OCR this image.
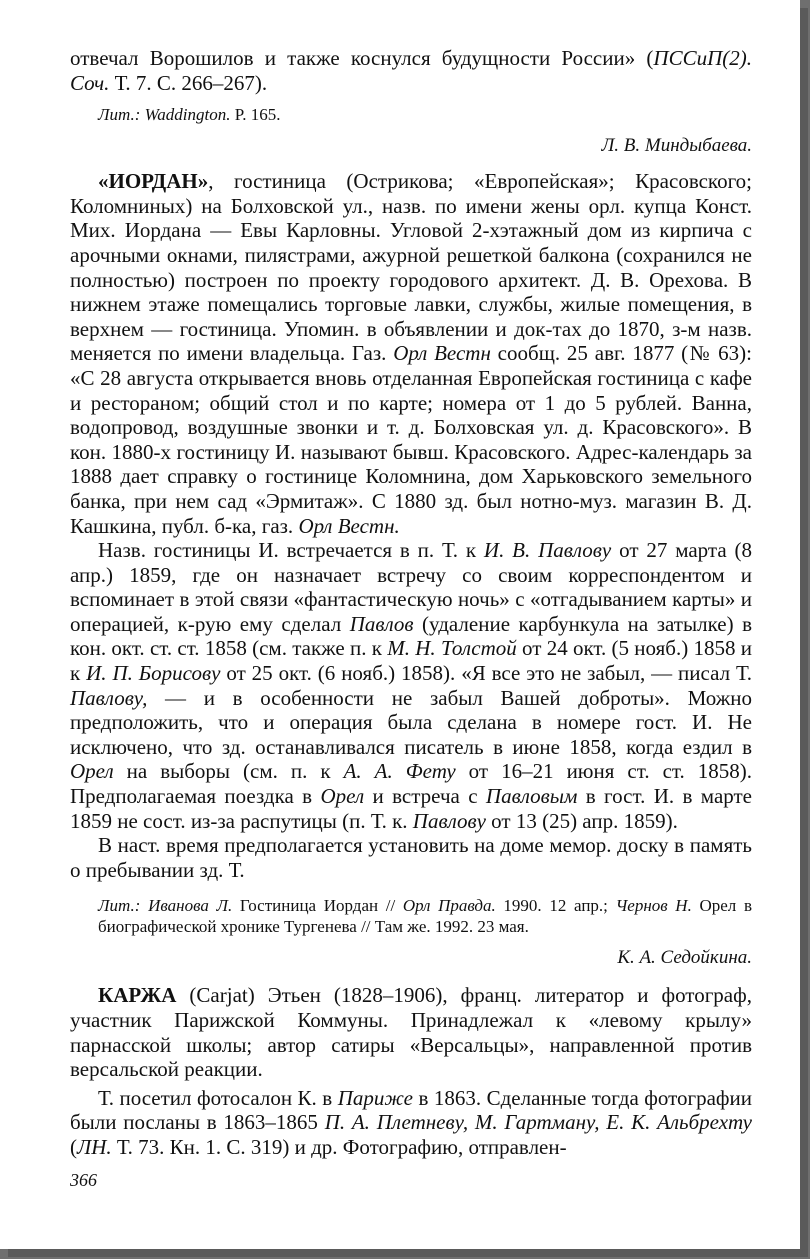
отвечал Ворошилов и также коснулся будущности России» (ПССиП(2). Соч. Т. 7. С. 266–267).

Лит.: Waddington. P. 165.

Л. В. Миндыбаева.

«ИОРДАН», гостиница (Острикова; «Европейская»; Красовского; Коломниных) на Болховской ул., назв. по имени жены орл. купца Конст. Мих. Иордана — Евы Карловны. Угловой 2-хэтажный дом из кирпича с арочными окнами, пилястрами, ажурной решеткой балкона (сохранился не полностью) построен по проекту городового архитект. Д. В. Орехова. В нижнем этаже помещались торговые лавки, службы, жилые помещения, в верхнем — гостиница. Упомин. в объявлении и док-тах до 1870, з-м назв. меняется по имени владельца. Газ. Орл Вестн сообщ. 25 авг. 1877 (№ 63): «С 28 августа открывается вновь отделанная Европейская гостиница с кафе и рестораном; общий стол и по карте; номера от 1 до 5 рублей. Ванна, водопровод, воздушные звонки и т. д. Болховская ул. д. Красовского». В кон. 1880-х гостиницу И. называют бывш. Красовского. Адрес-календарь за 1888 дает справку о гостинице Коломнина, дом Харьковского земельного банка, при нем сад «Эрмитаж». С 1880 зд. был нотно-муз. магазин В. Д. Кашкина, публ. б-ка, газ. Орл Вестн.

Назв. гостиницы И. встречается в п. Т. к И. В. Павлову от 27 марта (8 апр.) 1859, где он назначает встречу со своим корреспондентом и вспоминает в этой связи «фантастическую ночь» с «отгадыванием карты» и операцией, к-рую ему сделал Павлов (удаление карбункула на затылке) в кон. окт. ст. ст. 1858 (см. также п. к М. Н. Толстой от 24 окт. (5 нояб.) 1858 и к И. П. Борисову от 25 окт. (6 нояб.) 1858). «Я все это не забыл, — писал Т. Павлову, — и в особенности не забыл Вашей доброты». Можно предположить, что и операция была сделана в номере гост. И. Не исключено, что зд. останавливался писатель в июне 1858, когда ездил в Орел на выборы (см. п. к А. А. Фету от 16–21 июня ст. ст. 1858). Предполагаемая поездка в Орел и встреча с Павловым в гост. И. в марте 1859 не сост. из-за распутицы (п. Т. к. Павлову от 13 (25) апр. 1859).

В наст. время предполагается установить на доме мемор. доску в память о пребывании зд. Т.

Лит.: Иванова Л. Гостиница Иордан // Орл Правда. 1990. 12 апр.; Чернов Н. Орел в биографической хронике Тургенева // Там же. 1992. 23 мая.

К. А. Седойкина.

КАРЖА (Carjat) Этьен (1828–1906), франц. литератор и фотограф, участник Парижской Коммуны. Принадлежал к «левому крылу» парнасской школы; автор сатиры «Версальцы», направленной против версальской реакции.

Т. посетил фотосалон К. в Париже в 1863. Сделанные тогда фотографии были посланы в 1863–1865 П. А. Плетневу, М. Гартману, Е. К. Альбрехту (ЛН. Т. 73. Кн. 1. С. 319) и др. Фотографию, отправлен-

366
